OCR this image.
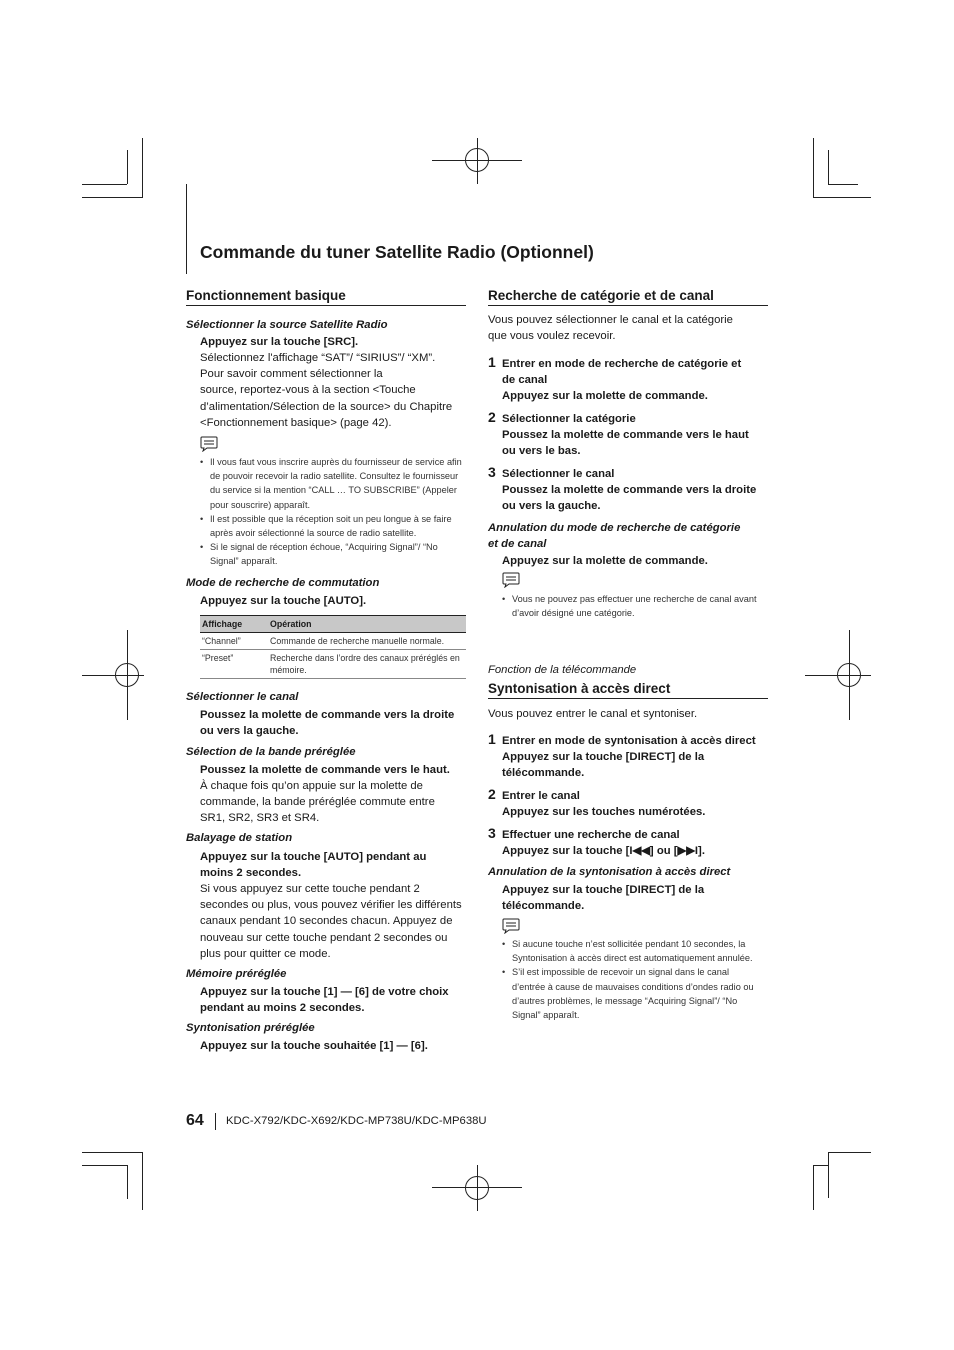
Commande du tuner Satellite Radio (Optionnel)
Fonctionnement basique
Sélectionner la source Satellite Radio
Appuyez sur la touche [SRC].
Sélectionnez l'affichage “SAT”/ “SIRIUS”/ “XM”.
Pour savoir comment sélectionner la
source, reportez-vous à la section <Touche
d’alimentation/Sélection de la source> du Chapitre
<Fonctionnement basique> (page 42).
• Il vous faut vous inscrire auprès du fournisseur de service afin de pouvoir recevoir la radio satellite. Consultez le fournisseur du service si la mention “CALL … TO SUBSCRIBE” (Appeler pour souscrire) apparaît.
• Il est possible que la réception soit un peu longue à se faire après avoir sélectionné la source de radio satellite.
• Si le signal de réception échoue, “Acquiring Signal”/ “No Signal” apparaît.
Mode de recherche de commutation
Appuyez sur la touche [AUTO].
Affichage	Opération
“Channel”	Commande de recherche manuelle normale.
“Preset”	Recherche dans l’ordre des canaux préréglés en mémoire.
Sélectionner le canal
Poussez la molette de commande vers la droite
ou vers la gauche.
Sélection de la bande préréglée
Poussez la molette de commande vers le haut.
À chaque fois qu’on appuie sur la molette de
commande, la bande préréglée commute entre
SR1, SR2, SR3 et SR4.
Balayage de station
Appuyez sur la touche [AUTO] pendant au
moins 2 secondes.
Si vous appuyez sur cette touche pendant 2
secondes ou plus, vous pouvez vérifier les différents
canaux pendant 10 secondes chacun. Appuyez de
nouveau sur cette touche pendant 2 secondes ou
plus pour quitter ce mode.
Mémoire préréglée
Appuyez sur la touche [1] — [6] de votre choix
pendant au moins 2 secondes.
Syntonisation préréglée
Appuyez sur la touche souhaitée [1] — [6].
Recherche de catégorie et de canal
Vous pouvez sélectionner le canal et la catégorie
que vous voulez recevoir.
1 Entrer en mode de recherche de catégorie et
de canal
Appuyez sur la molette de commande.
2 Sélectionner la catégorie
Poussez la molette de commande vers le haut
ou vers le bas.
3 Sélectionner le canal
Poussez la molette de commande vers la droite
ou vers la gauche.
Annulation du mode de recherche de catégorie
et de canal
Appuyez sur la molette de commande.
• Vous ne pouvez pas effectuer une recherche de canal avant d’avoir désigné une catégorie.
Fonction de la télécommande
Syntonisation à accès direct
Vous pouvez entrer le canal et syntoniser.
1 Entrer en mode de syntonisation à accès direct
Appuyez sur la touche [DIRECT] de la
télécommande.
2 Entrer le canal
Appuyez sur les touches numérotées.
3 Effectuer une recherche de canal
Appuyez sur la touche [I◀◀] ou [▶▶I].
Annulation de la syntonisation à accès direct
Appuyez sur la touche [DIRECT] de la
télécommande.
• Si aucune touche n’est sollicitée pendant 10 secondes, la Syntonisation à accès direct est automatiquement annulée.
• S’il est impossible de recevoir un signal dans le canal d’entrée à cause de mauvaises conditions d’ondes radio ou d’autres problèmes, le message “Acquiring Signal”/ “No Signal” apparaît.
64 KDC-X792/KDC-X692/KDC-MP738U/KDC-MP638U
